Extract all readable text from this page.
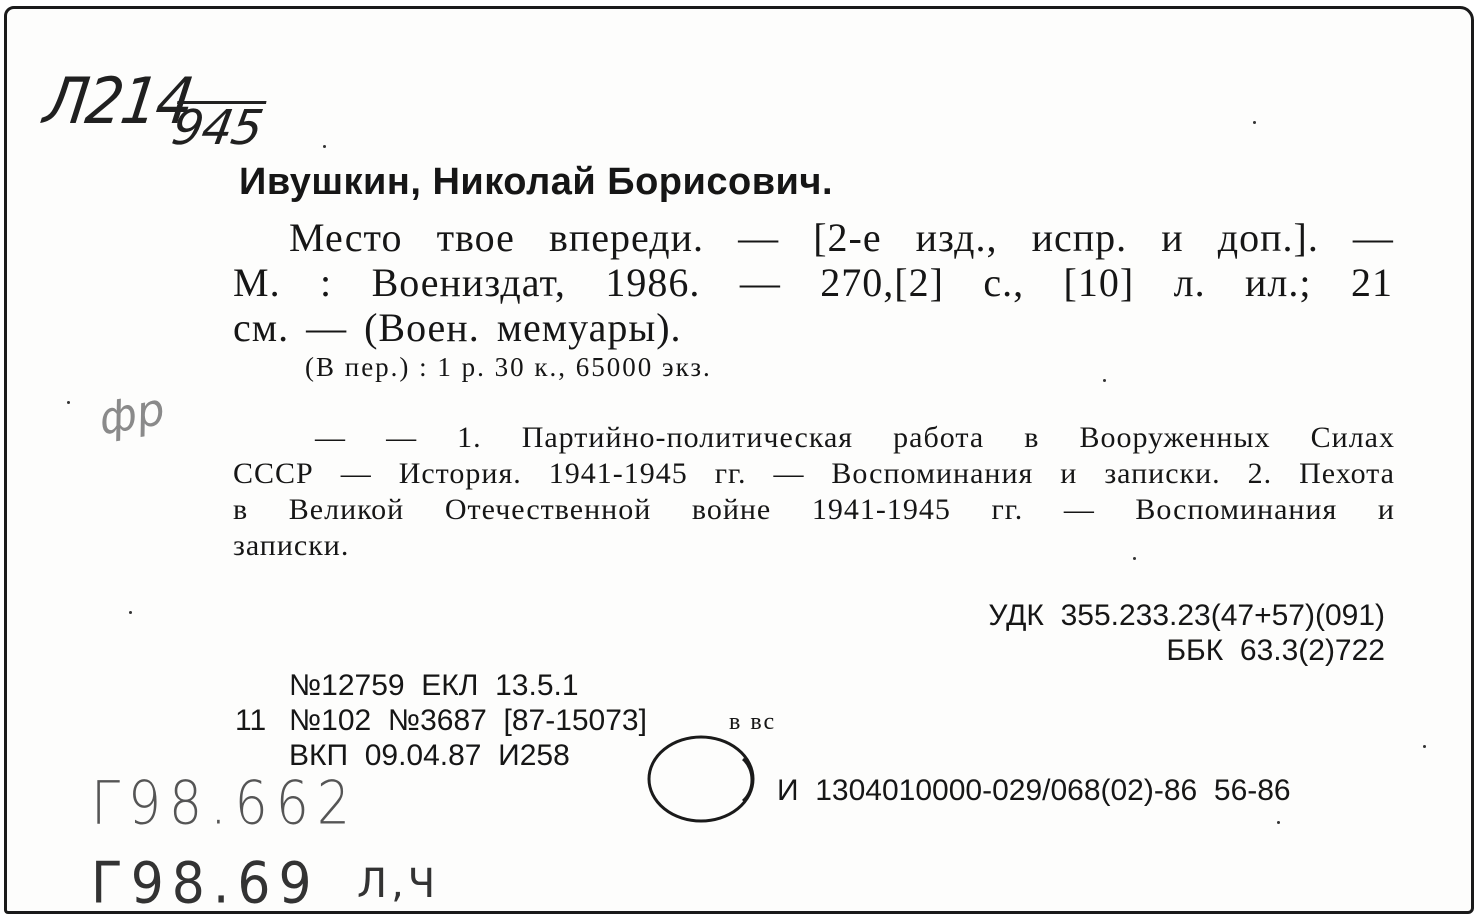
Л214
945
Ивушкин, Николай Борисович.
Место твое впереди. — [2-е изд., испр. и доп.]. —
М. : Воениздат, 1986. — 270,[2] с., [10] л. ил.; 21
см. — (Воен. мемуары).
(В пер.) : 1 р. 30 к., 65000 экз.
фр	— — 1. Партийно-политическая работа в Вооруженных Силах
СССР — История. 1941-1945 гг. — Воспоминания и записки. 2. Пехота
в Великой Отечественной войне 1941-1945 гг. — Воспоминания и
записки.
УДК  355.233.23(47+57)(091)
ББК  63.3(2)722
№12759  ЕКЛ  13.5.1
11 №102  №3687  [87-15073]	в вс
ВКП  09.04.87  И258
И  1304010000-029/068(02)-86  56-86
Г98.662
Г98.69 Л,Ч
